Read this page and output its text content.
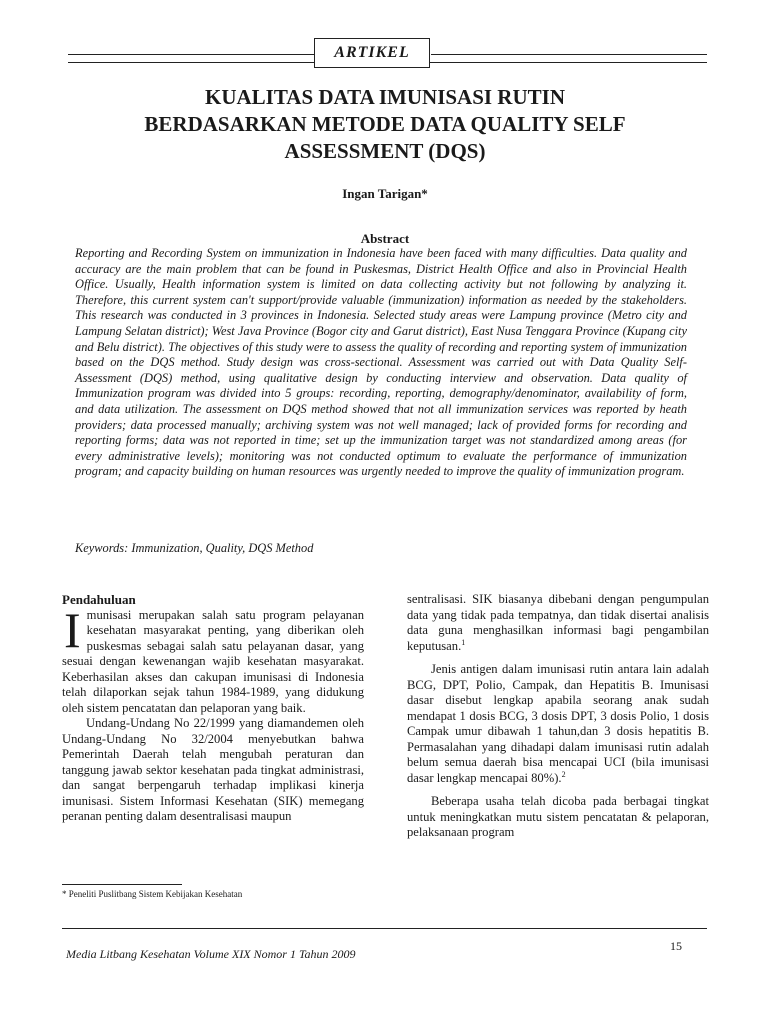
ARTIKEL
KUALITAS DATA IMUNISASI RUTIN
BERDASARKAN METODE DATA QUALITY SELF
ASSESSMENT (DQS)
Ingan Tarigan*
Abstract

Reporting and Recording System on immunization in Indonesia have been faced with many difficulties. Data quality and accuracy are the main problem that can be found in Puskesmas, District Health Office and also in Provincial Health Office. Usually, Health information system is limited on data collecting activity but not following by analyzing it. Therefore, this current system can't support/provide valuable (immunization) information as needed by the stakeholders. This research was conducted in 3 provinces in Indonesia. Selected study areas were Lampung province (Metro city and Lampung Selatan district); West Java Province (Bogor city and Garut district), East Nusa Tenggara Province (Kupang city and Belu district). The objectives of this study were to assess the quality of recording and reporting system of immunization based on the DQS method. Study design was cross-sectional. Assessment was carried out with Data Quality Self-Assessment (DQS) method, using qualitative design by conducting interview and observation. Data quality of Immunization program was divided into 5 groups: recording, reporting, demography/denominator, availability of form, and data utilization. The assessment on DQS method showed that not all immunization services was reported by heath providers; data processed manually; archiving system was not well managed; lack of provided forms for recording and reporting forms; data was not reported in time; set up the immunization target was not standardized among areas (for every administrative levels); monitoring was not conducted optimum to evaluate the performance of immunization program; and capacity building on human resources was urgently needed to improve the quality of immunization program.

Keywords: Immunization, Quality, DQS Method

Pendahuluan

Imunisasi merupakan salah satu program pelayanan kesehatan masyarakat penting, yang diberikan oleh puskesmas sebagai salah satu pelayanan dasar, yang sesuai dengan kewenangan wajib kesehatan masyarakat. Keberhasilan akses dan cakupan imunisasi di Indonesia telah dilaporkan sejak tahun 1984-1989, yang didukung oleh sistem pencatatan dan pelaporan yang baik.

Undang-Undang No 22/1999 yang diamandemen oleh Undang-Undang No 32/2004 menyebutkan bahwa Pemerintah Daerah telah mengubah peraturan dan tanggung jawab sektor kesehatan pada tingkat administrasi, dan sangat berpengaruh terhadap implikasi kinerja imunisasi. Sistem Informasi Kesehatan (SIK) memegang peranan penting dalam desentralisasi maupun

sentralisasi. SIK biasanya dibebani dengan pengumpulan data yang tidak pada tempatnya, dan tidak disertai analisis data guna menghasilkan informasi bagi pengambilan keputusan.$^1$

Jenis antigen dalam imunisasi rutin antara lain adalah BCG, DPT, Polio, Campak, dan Hepatitis B. Imunisasi dasar disebut lengkap apabila seorang anak sudah mendapat 1 dosis BCG, 3 dosis DPT, 3 dosis Polio, 1 dosis Campak umur dibawah 1 tahun,dan 3 dosis hepatitis B. Permasalahan yang dihadapi dalam imunisasi rutin adalah belum semua daerah bisa mencapai UCI (bila imunisasi dasar lengkap mencapai 80%).$^2$

Beberapa usaha telah dicoba pada berbagai tingkat untuk meningkatkan mutu sistem pencatatan & pelaporan, pelaksanaan program

* Peneliti Puslitbang Sistem Kebijakan Kesehatan
Media Litbang Kesehatan Volume XIX Nomor 1 Tahun 2009
15
